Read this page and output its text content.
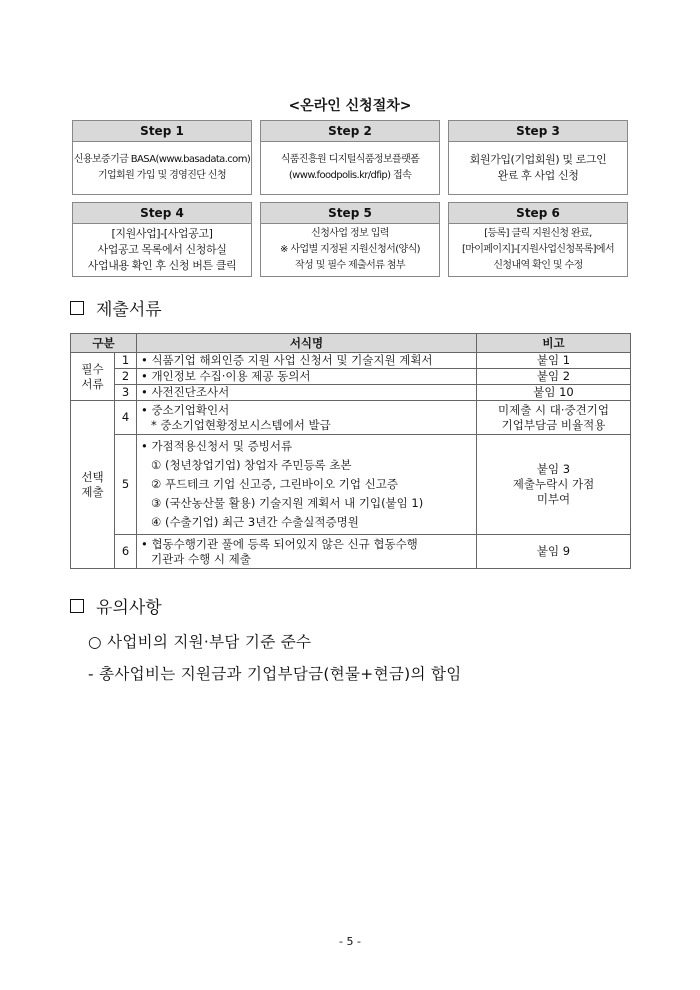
<온라인 신청절차>
Step 1
신용보증기금 BASA(www.basadata.com)
기업회원 가입 및 경영진단 신청
Step 2
식품진흥원 디지털식품정보플랫폼
(www.foodpolis.kr/dfip) 접속
Step 3
회원가입(기업회원) 및 로그인
완료 후 사업 신청
Step 4
[지원사업]-[사업공고]
사업공고 목록에서 신청하실
사업내용 확인 후 신청 버튼 클릭
Step 5
신청사업 정보 입력
※ 사업별 지정된 지원신청서(양식)
작성 및 필수 제출서류 첨부
Step 6
[등록] 클릭 지원신청 완료,
[마이페이지]-[지원사업신청목록]에서
신청내역 확인 및 수정
제출서류
구분		서식명	비고

필수
서류	1	• 식품기업 해외인증 지원 사업 신청서 및 기술지원 계획서	붙임 1
	2	• 개인정보 수집·이용 제공 동의서	붙임 2
	3	• 사전진단조사서	붙임 10

선택
제출	4	• 중소기업확인서
* 중소기업현황정보시스템에서 발급	미제출 시 대·중견기업
기업부담금 비율적용

	5	• 가점적용신청서 및 증빙서류
① (청년창업기업) 창업자 주민등록 초본
② 푸드테크 기업 신고증, 그린바이오 기업 신고증
③ (국산농산물 활용) 기술지원 계획서 내 기입(붙임 1)
④ (수출기업) 최근 3년간 수출실적증명원	붙임 3
제출누락시 가점
미부여

	6	• 협동수행기관 풀에 등록 되어있지 않은 신규 협동수행
기관과 수행 시 제출	붙임 9
유의사항
○ 사업비의 지원·부담 기준 준수
- 총사업비는 지원금과 기업부담금(현물+현금)의 합임
- 5 -
